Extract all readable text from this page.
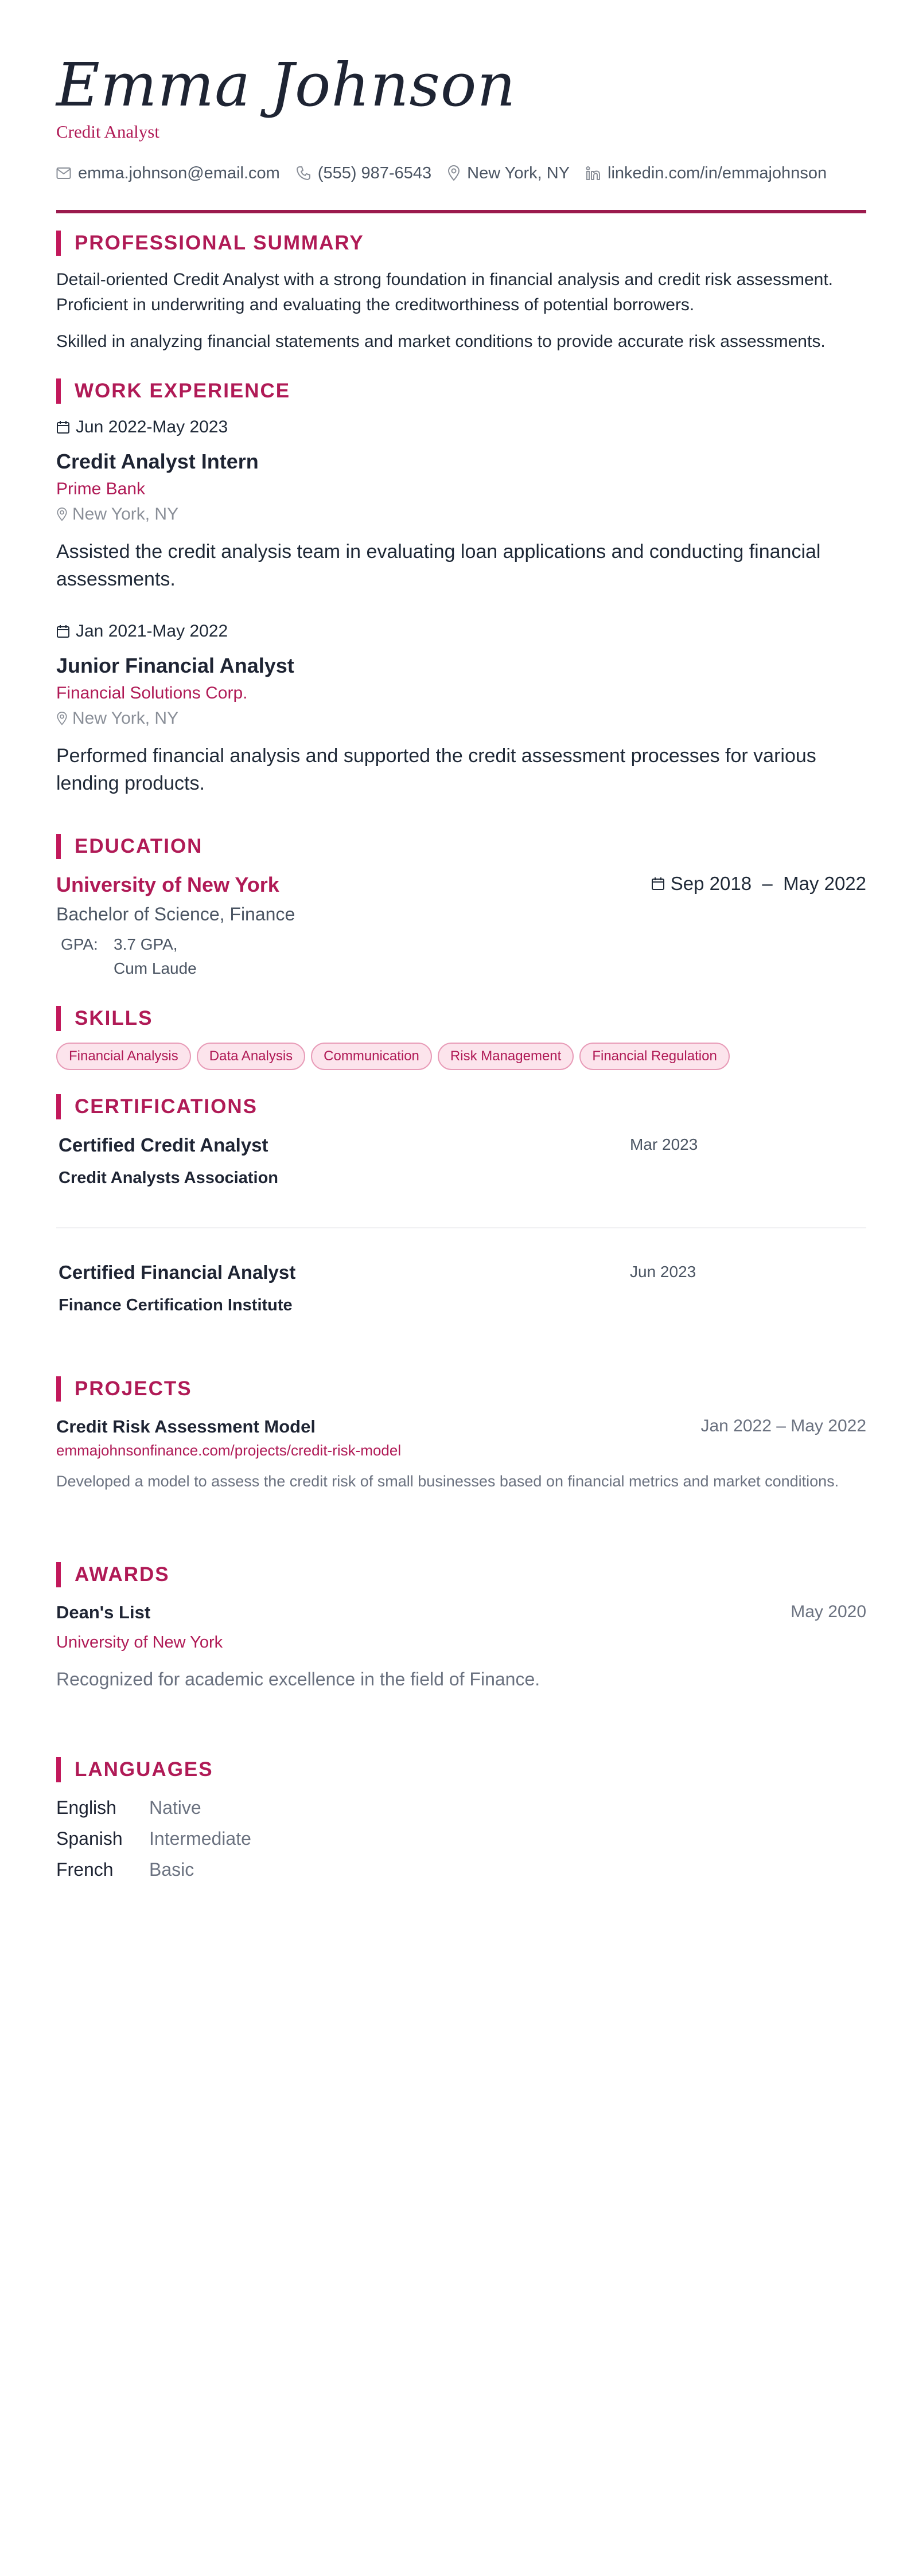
Emma Johnson
Credit Analyst
emma.johnson@email.com (555) 987-6543 New York, NY linkedin.com/in/emmajohnson
PROFESSIONAL SUMMARY
Detail-oriented Credit Analyst with a strong foundation in financial analysis and credit risk assessment. Proficient in underwriting and evaluating the creditworthiness of potential borrowers.
Skilled in analyzing financial statements and market conditions to provide accurate risk assessments.
WORK EXPERIENCE
Jun 2022-May 2023
Credit Analyst Intern
Prime Bank
New York, NY
Assisted the credit analysis team in evaluating loan applications and conducting financial assessments.
Jan 2021-May 2022
Junior Financial Analyst
Financial Solutions Corp.
New York, NY
Performed financial analysis and supported the credit assessment processes for various lending products.
EDUCATION
University of New York	Sep 2018  –  May 2022
Bachelor of Science, Finance
GPA: 3.7 GPA,
Cum Laude
SKILLS
Financial Analysis	Data Analysis	Communication	Risk Management	Financial Regulation
CERTIFICATIONS
Certified Credit Analyst	Mar 2023
Credit Analysts Association
Certified Financial Analyst	Jun 2023
Finance Certification Institute
PROJECTS
Credit Risk Assessment Model	Jan 2022 – May 2022
emmajohnsonfinance.com/projects/credit-risk-model
Developed a model to assess the credit risk of small businesses based on financial metrics and market conditions.
AWARDS
Dean's List	May 2020
University of New York
Recognized for academic excellence in the field of Finance.
LANGUAGES
English	Native
Spanish	Intermediate
French	Basic
